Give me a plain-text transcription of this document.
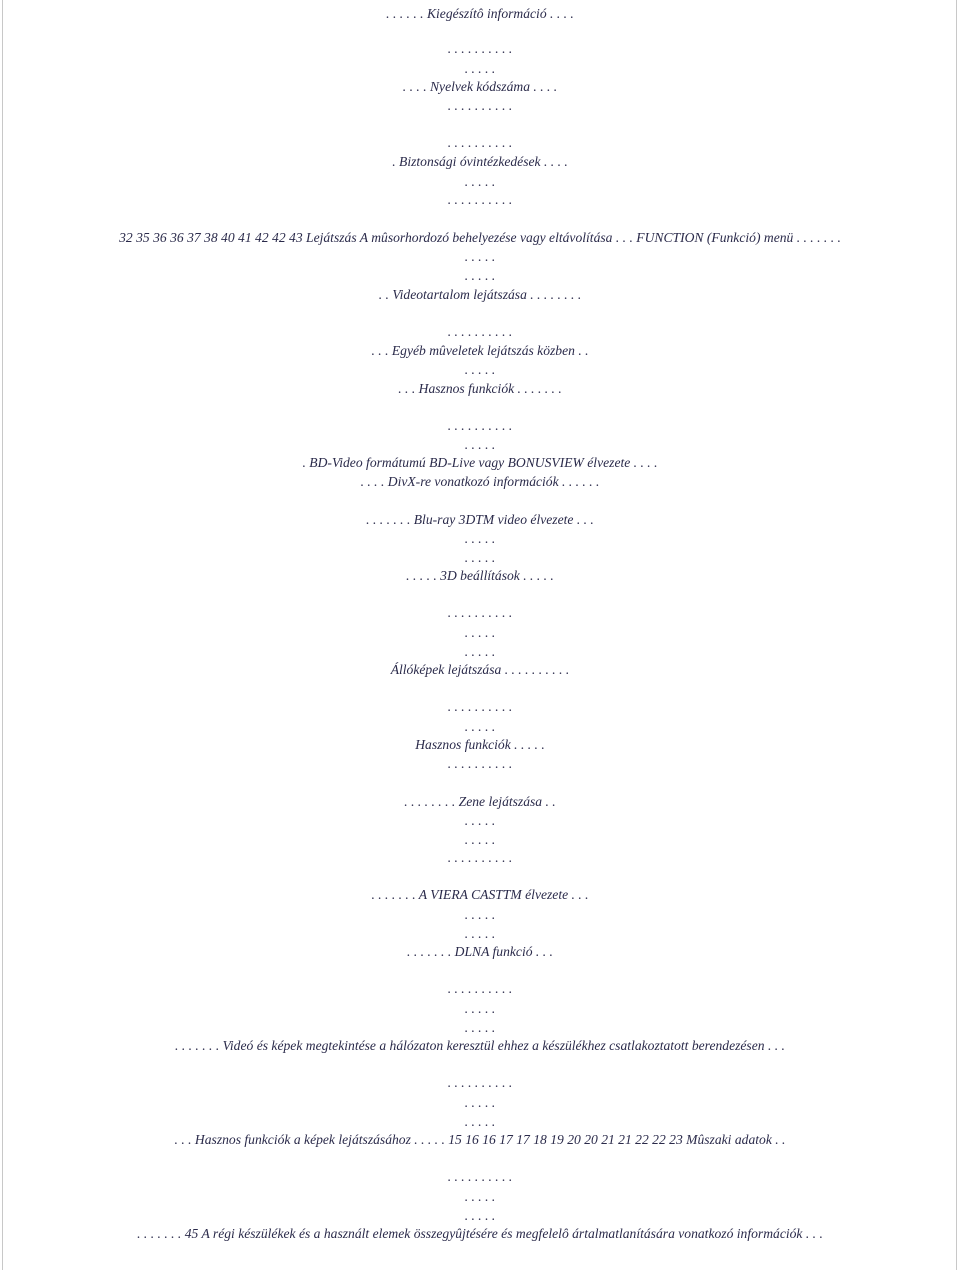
. . . . . . Kiegészítô információ . . . .
. . . . . . . . . .
. . . . .
. . . . Nyelvek kódszáma . . . .
. . . . . . . . . .
. . . . . . . . . .
. Biztonsági óvintézkedések . . . .
. . . . .
. . . . . . . . . .
32 35 36 36 37 38 40 41 42 42 43 Lejátszás A mûsorhordozó behelyezése vagy eltávolítása . . . FUNCTION (Funkció) menü . . . . . . .
. . . . .
. . . . .
. . Videotartalom lejátszása . . . . . . . .
. . . . . . . . . .
. . . Egyéb mûveletek lejátszás közben . .
. . . . .
. . . Hasznos funkciók . . . . . . .
. . . . . . . . . .
. . . . .
. BD-Video formátumú BD-Live vagy BONUSVIEW élvezete . . . .
. . . . DivX-re vonatkozó információk . . . . . .
. . . . . . . Blu-ray 3DTM video élvezete . . .
. . . . .
. . . . .
. . . . . 3D beállítások . . . . .
. . . . . . . . . .
. . . . .
. . . . .
Állóképek lejátszása . . . . . . . . . .
. . . . . . . . . .
. . . . .
Hasznos funkciók . . . . .
. . . . . . . . . .
. . . . . . . . Zene lejátszása . .
. . . . .
. . . . .
. . . . . . . . . .
. . . . . . . A VIERA CASTTM élvezete . . .
. . . . .
. . . . .
. . . . . . . DLNA funkció . . .
. . . . . . . . . .
. . . . .
. . . . .
. . . . . . . Videó és képek megtekintése a hálózaton keresztül ehhez a készülékhez csatlakoztatott berendezésen . . .
. . . . . . . . . .
. . . . .
. . . . .
. . . Hasznos funkciók a képek lejátszásához . . . . . 15 16 16 17 17 18 19 20 20 21 21 22 22 23 Mûszaki adatok . .
. . . . . . . . . .
. . . . .
. . . . .
. . . . . . . 45 A régi készülékek és a használt elemek összegyûjtésére és megfelelô ártalmatlanítására vonatkozó információk . . .
